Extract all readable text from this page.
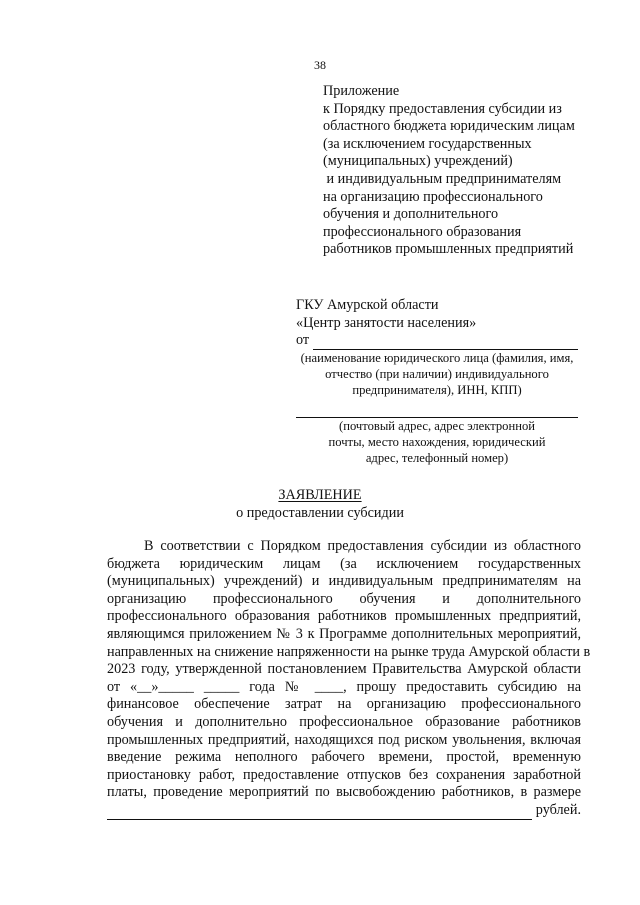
38
Приложение
к Порядку предоставления субсидии из
областного бюджета юридическим лицам
(за исключением государственных
(муниципальных) учреждений)
и индивидуальным предпринимателям
на организацию профессионального
обучения и дополнительного
профессионального образования
работников промышленных предприятий
ГКУ Амурской области
«Центр занятости населения»
от
(наименование юридического лица (фамилия, имя,
отчество (при наличии) индивидуального
предпринимателя), ИНН, КПП)
(почтовый адрес, адрес электронной
почты, место нахождения, юридический
адрес, телефонный номер)
ЗАЯВЛЕНИЕ
о предоставлении субсидии
В соответствии с Порядком предоставления субсидии из областного
бюджета юридическим лицам (за исключением государственных
(муниципальных) учреждений) и индивидуальным предпринимателям на
организацию профессионального обучения и дополнительного
профессионального образования работников промышленных предприятий,
являющимся приложением № 3 к Программе дополнительных мероприятий,
направленных на снижение напряженности на рынке труда Амурской области в
2023 году, утвержденной постановлением Правительства Амурской области
от «__»_____ _____ года № ____, прошу предоставить субсидию на
финансовое обеспечение затрат на организацию профессионального
обучения и дополнительно профессиональное образование работников
промышленных предприятий, находящихся под риском увольнения, включая
введение режима неполного рабочего времени, простой, временную
приостановку работ, предоставление отпусков без сохранения заработной
платы, проведение мероприятий по высвобождению работников, в размере
рублей.
